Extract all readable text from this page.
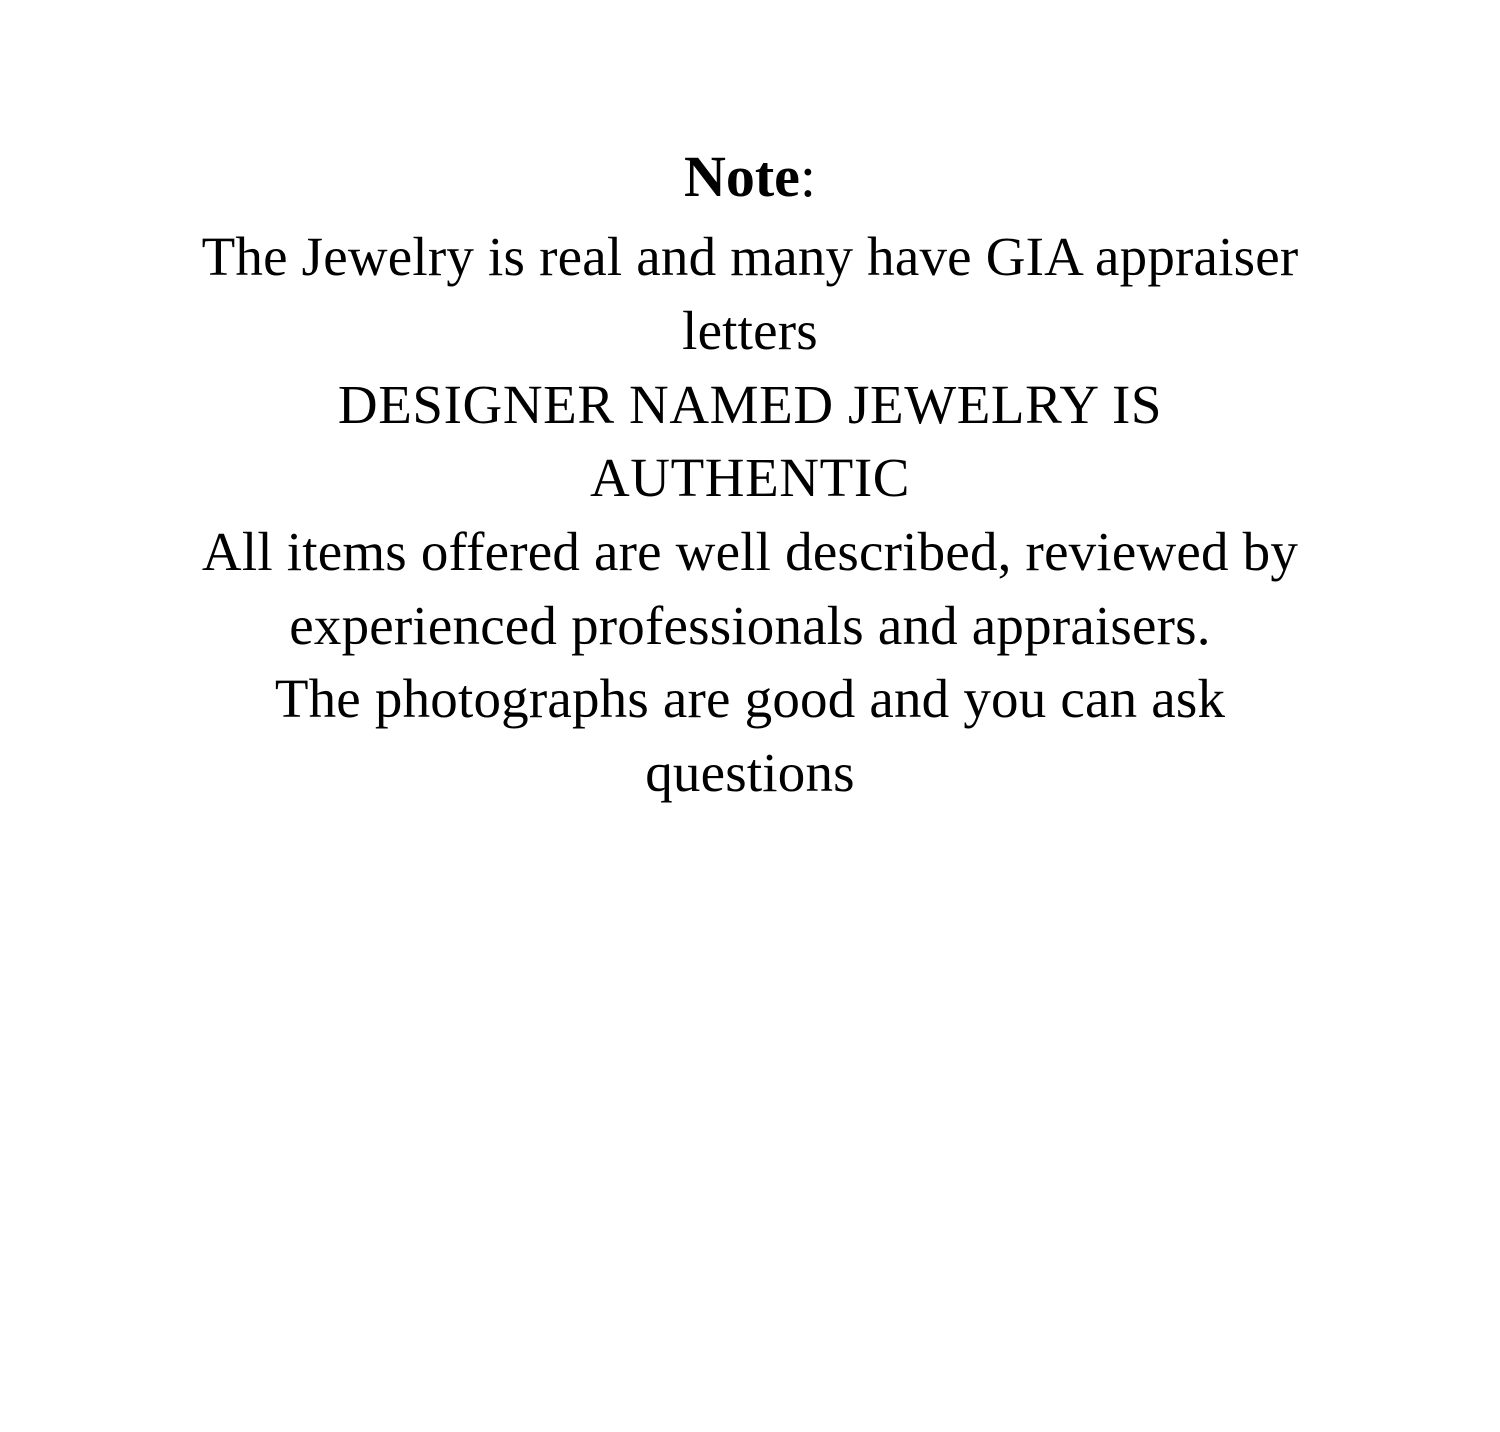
Note:

The Jewelry is real and many have GIA appraiser letters

DESIGNER NAMED JEWELRY IS AUTHENTIC

All items offered are well described, reviewed by experienced professionals and appraisers.

The photographs are good and you can ask questions
